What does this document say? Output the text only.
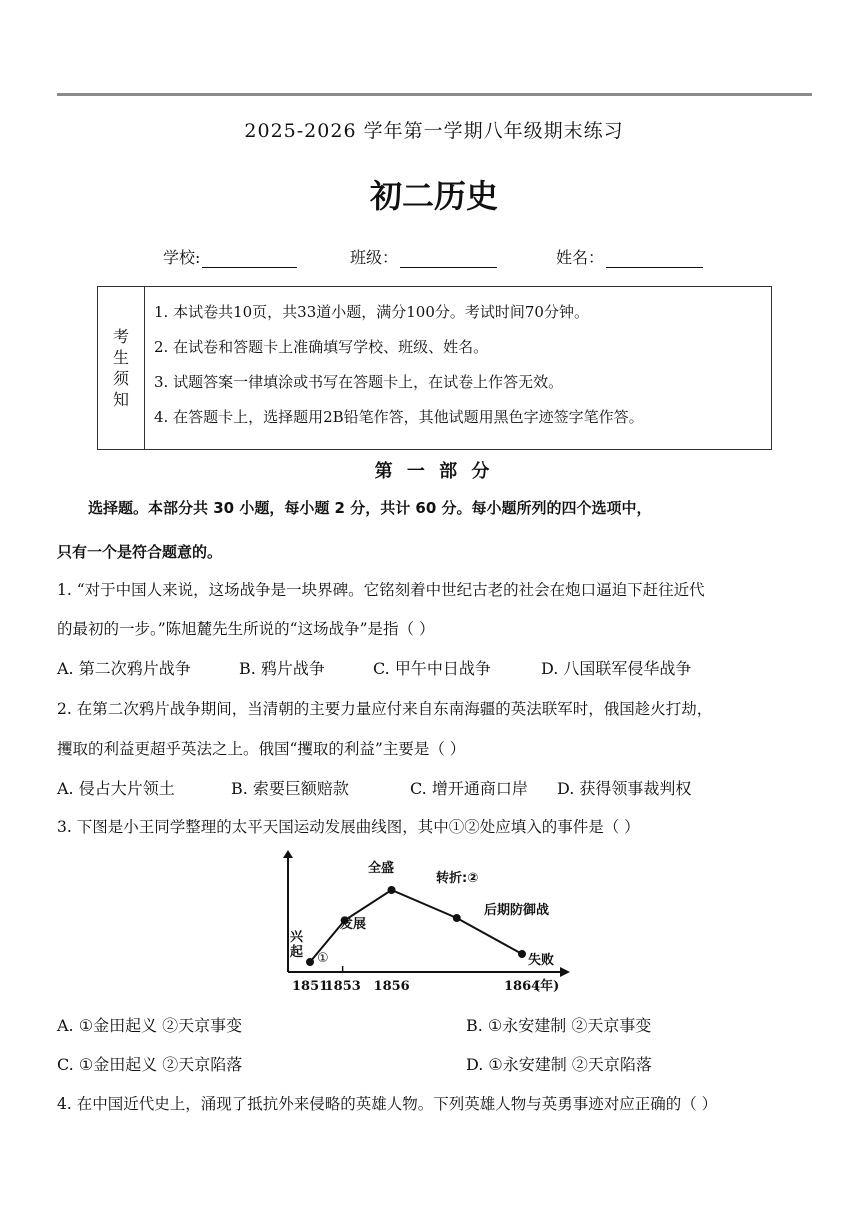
2025-2026 学年第一学期八年级期末练习
初二历史
学校:	班级：	姓名：
考
生
须
知
1. 本试卷共10页，共33道小题，满分100分。考试时间70分钟。
2. 在试卷和答题卡上准确填写学校、班级、姓名。
3. 试题答案一律填涂或书写在答题卡上，在试卷上作答无效。
4. 在答题卡上，选择题用2B铅笔作答，其他试题用黑色字迹签字笔作答。
第 一 部 分
选择题。本部分共 30 小题，每小题 2 分，共计 60 分。每小题所列的四个选项中，
只有一个是符合题意的。
1. “对于中国人来说，这场战争是一块界碑。它铭刻着中世纪古老的社会在炮口逼迫下赶往近代
的最初的一步。”陈旭麓先生所说的“这场战争”是指（ ）
A. 第二次鸦片战争	B. 鸦片战争	C. 甲午中日战争	D. 八国联军侵华战争
2. 在第二次鸦片战争期间，当清朝的主要力量应付来自东南海疆的英法联军时，俄国趁火打劫，
攫取的利益更超乎英法之上。俄国“攫取的利益”主要是（ ）
A. 侵占大片领土	B. 索要巨额赔款	C. 增开通商口岸 D. 获得领事裁判权
3. 下图是小王同学整理的太平天国运动发展曲线图，其中①②处应填入的事件是（ ）
兴
起 ①
发展
全盛
转折:②
后期防御战
失败
1851
1853 1856	1864
(年)
A. ①金田起义 ②天京事变	B. ①永安建制 ②天京事变
C. ①金田起义 ②天京陷落	D. ①永安建制 ②天京陷落
4. 在中国近代史上，涌现了抵抗外来侵略的英雄人物。下列英雄人物与英勇事迹对应正确的（ ）
